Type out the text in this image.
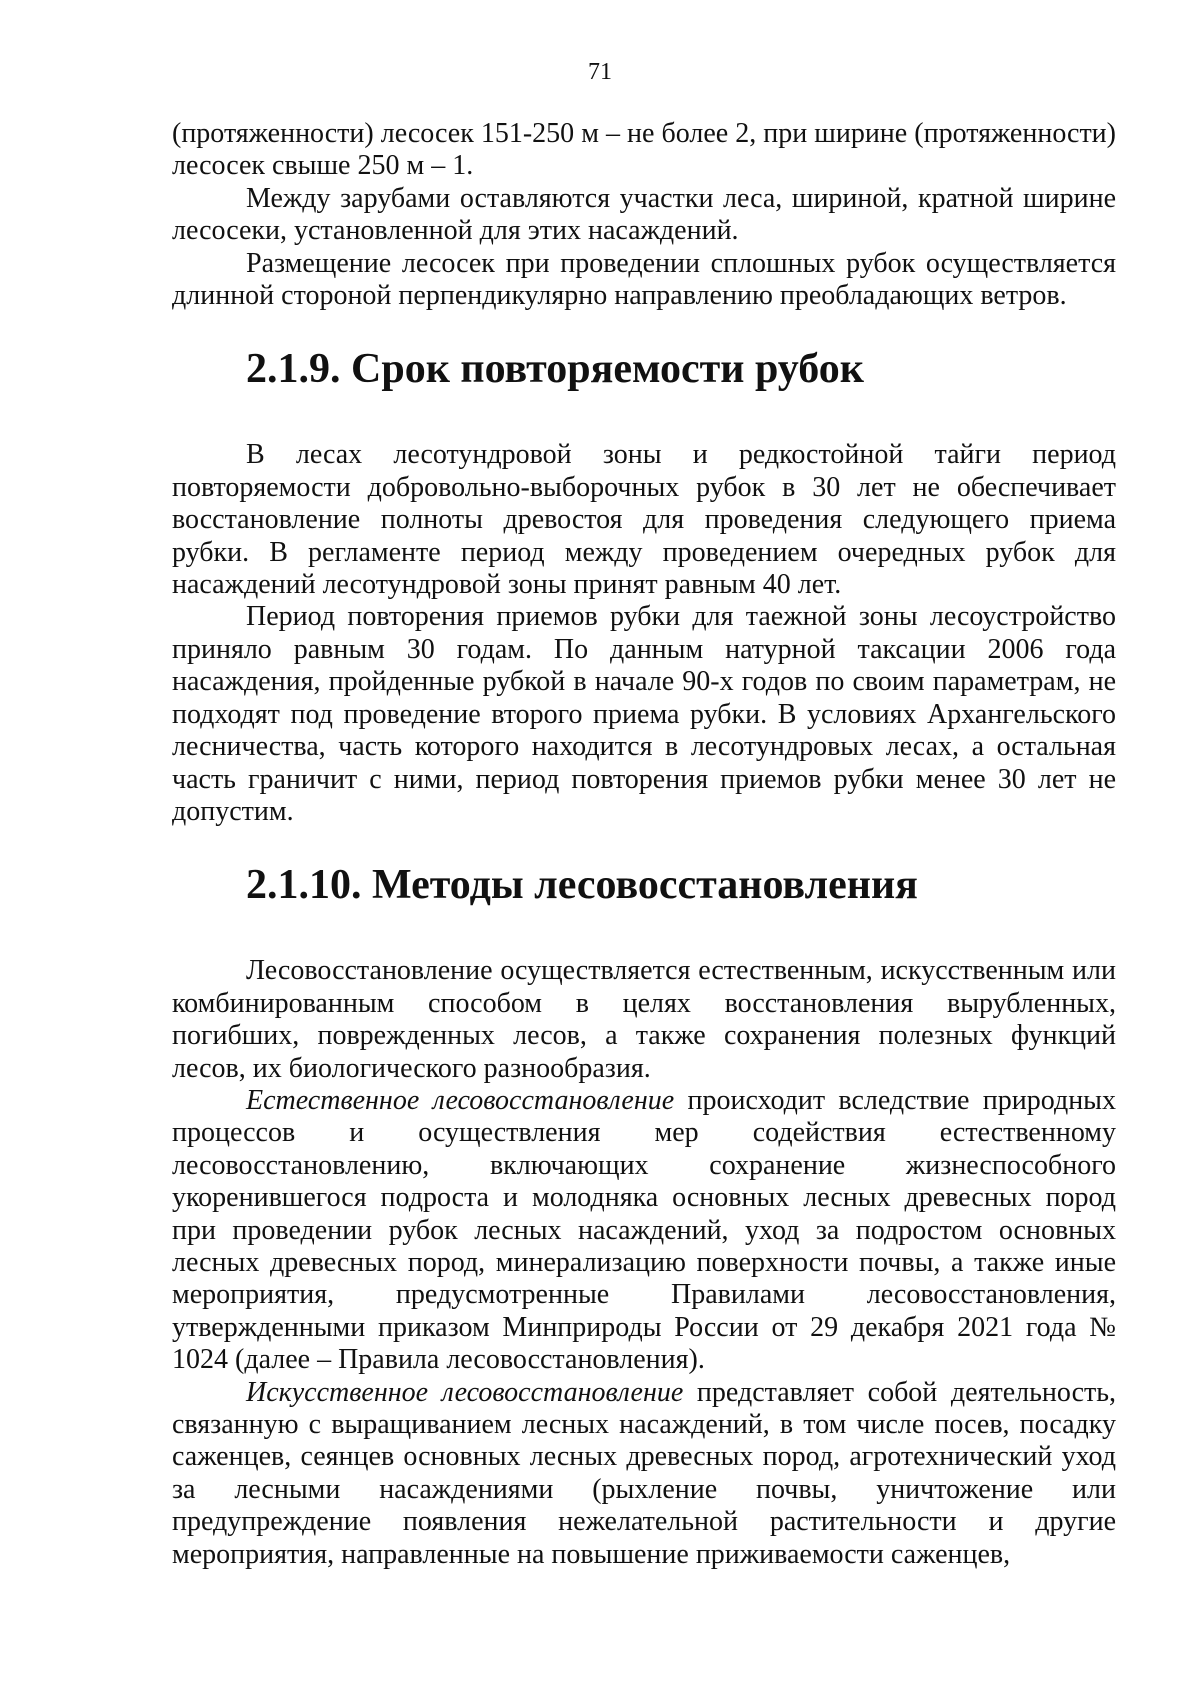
71

(протяженности) лесосек 151-250 м – не более 2, при ширине (протяженности) лесосек свыше 250 м – 1.

Между зарубами оставляются участки леса, шириной, кратной ширине лесосеки, установленной для этих насаждений.

Размещение лесосек при проведении сплошных рубок осуществляется длинной стороной перпендикулярно направлению преобладающих ветров.

2.1.9. Срок повторяемости рубок

В лесах лесотундровой зоны и редкостойной тайги период повторяемости добровольно-выборочных рубок в 30 лет не обеспечивает восстановление полноты древостоя для проведения следующего приема рубки. В регламенте период между проведением очередных рубок для насаждений лесотундровой зоны принят равным 40 лет.

Период повторения приемов рубки для таежной зоны лесоустройство приняло равным 30 годам. По данным натурной таксации 2006 года насаждения, пройденные рубкой в начале 90-х годов по своим параметрам, не подходят под проведение второго приема рубки. В условиях Архангельского лесничества, часть которого находится в лесотундровых лесах, а остальная часть граничит с ними, период повторения приемов рубки менее 30 лет не допустим.

2.1.10. Методы лесовосстановления

Лесовосстановление осуществляется естественным, искусственным или комбинированным способом в целях восстановления вырубленных, погибших, поврежденных лесов, а также сохранения полезных функций лесов, их биологического разнообразия.

Естественное лесовосстановление происходит вследствие природных процессов и осуществления мер содействия естественному лесовосстановлению, включающих сохранение жизнеспособного укоренившегося подроста и молодняка основных лесных древесных пород при проведении рубок лесных насаждений, уход за подростом основных лесных древесных пород, минерализацию поверхности почвы, а также иные мероприятия, предусмотренные Правилами лесовосстановления, утвержденными приказом Минприроды России от 29 декабря 2021 года № 1024 (далее – Правила лесовосстановления).

Искусственное лесовосстановление представляет собой деятельность, связанную с выращиванием лесных насаждений, в том числе посев, посадку саженцев, сеянцев основных лесных древесных пород, агротехнический уход за лесными насаждениями (рыхление почвы, уничтожение или предупреждение появления нежелательной растительности и другие мероприятия, направленные на повышение приживаемости саженцев,
